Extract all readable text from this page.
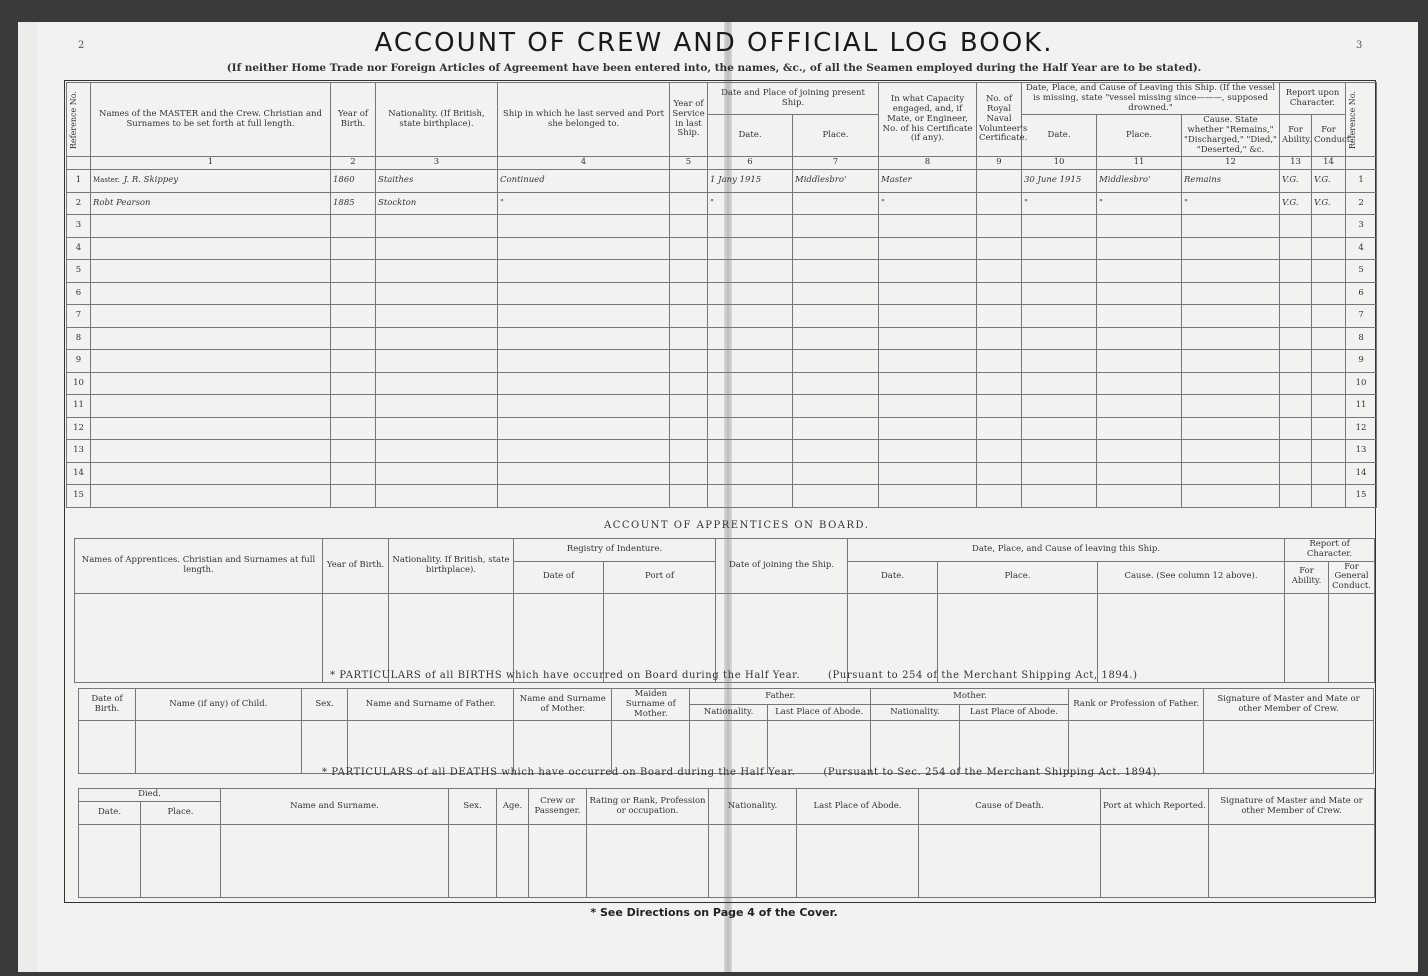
ACCOUNT OF CREW AND OFFICIAL LOG BOOK.
(If neither Home Trade nor Foreign Articles of Agreement have been entered into, the names, &c., of all the Seamen employed during the Half Year are to be stated).
2	3
Reference No.	Names of the MASTER and the Crew. Christian and Surnames to be set forth at full length.	Year of Birth.	Nationality. (If British, state birthplace).	Ship in which he last served and Port she belonged to.	Year of Service in last Ship.	Date and Place of joining present Ship.		In what Capacity engaged, and, if Mate, or Engineer, No. of his Certificate (if any).	No. of Royal Naval Volunteer's Certificate.	Date, Place, and Cause of Leaving this Ship. (If the vessel is missing, state "vessel missing since———, supposed drowned."			Report upon Character.		Reference No.

						Date.	Place.			Date.	Place.	Cause. State whether "Remains," "Discharged," "Died," "Deserted," &c.	For Ability.	For Conduct.	
	1	2	3	4	5	6	7	8	9	10	11	12	13	14	
1	$^{Master.}$ J. R. Skippey	1860	Staithes	Continued		1 Jany 1915	Middlesbro'	Master		30 June 1915	Middlesbro'	Remains	V.G.	V.G.	1
2	Robt Pearson	1885	Stockton	"		"		"		"	"	"	V.G.	V.G.	2
3															3
4															4
5															5
6															6
7															7
8															8
9															9
10															10
11															11
12															12
13															13
14															14
15															15
ACCOUNT OF APPRENTICES ON BOARD.
Names of Apprentices. Christian and Surnames at full length.	Year of Birth.	Nationality. If British, state birthplace).	Registry of Indenture.		Date of joining the Ship.	Date, Place, and Cause of leaving this Ship.			Report of Character.	
			Date of	Port of		Date.	Place.	Cause. (See column 12 above).	For Ability.	For General Conduct.

* PARTICULARS of all BIRTHS which have occurred on Board during the Half Year.	(Pursuant to 254 of the Merchant Shipping Act, 1894.)
Date of Birth.	Name (if any) of Child.	Sex.	Name and Surname of Father.	Name and Surname of Mother.	Maiden Surname of Mother.	Father.		Mother.		Rank or Profession of Father.	Signature of Master and Mate or other Member of Crew.
						Nationality.	Last Place of Abode.	Nationality.	Last Place of Abode.		

* PARTICULARS of all DEATHS which have occurred on Board during the Half Year.	(Pursuant to Sec. 254 of the Merchant Shipping Act. 1894).
Died.		Name and Surname.	Sex.	Age.	Crew or Passenger.	Rating or Rank, Profession or occupation.	Nationality.	Last Place of Abode.	Cause of Death.	Port at which Reported.	Signature of Master and Mate or other Member of Crew.
Date.	Place.										

* See Directions on Page 4 of the Cover.
